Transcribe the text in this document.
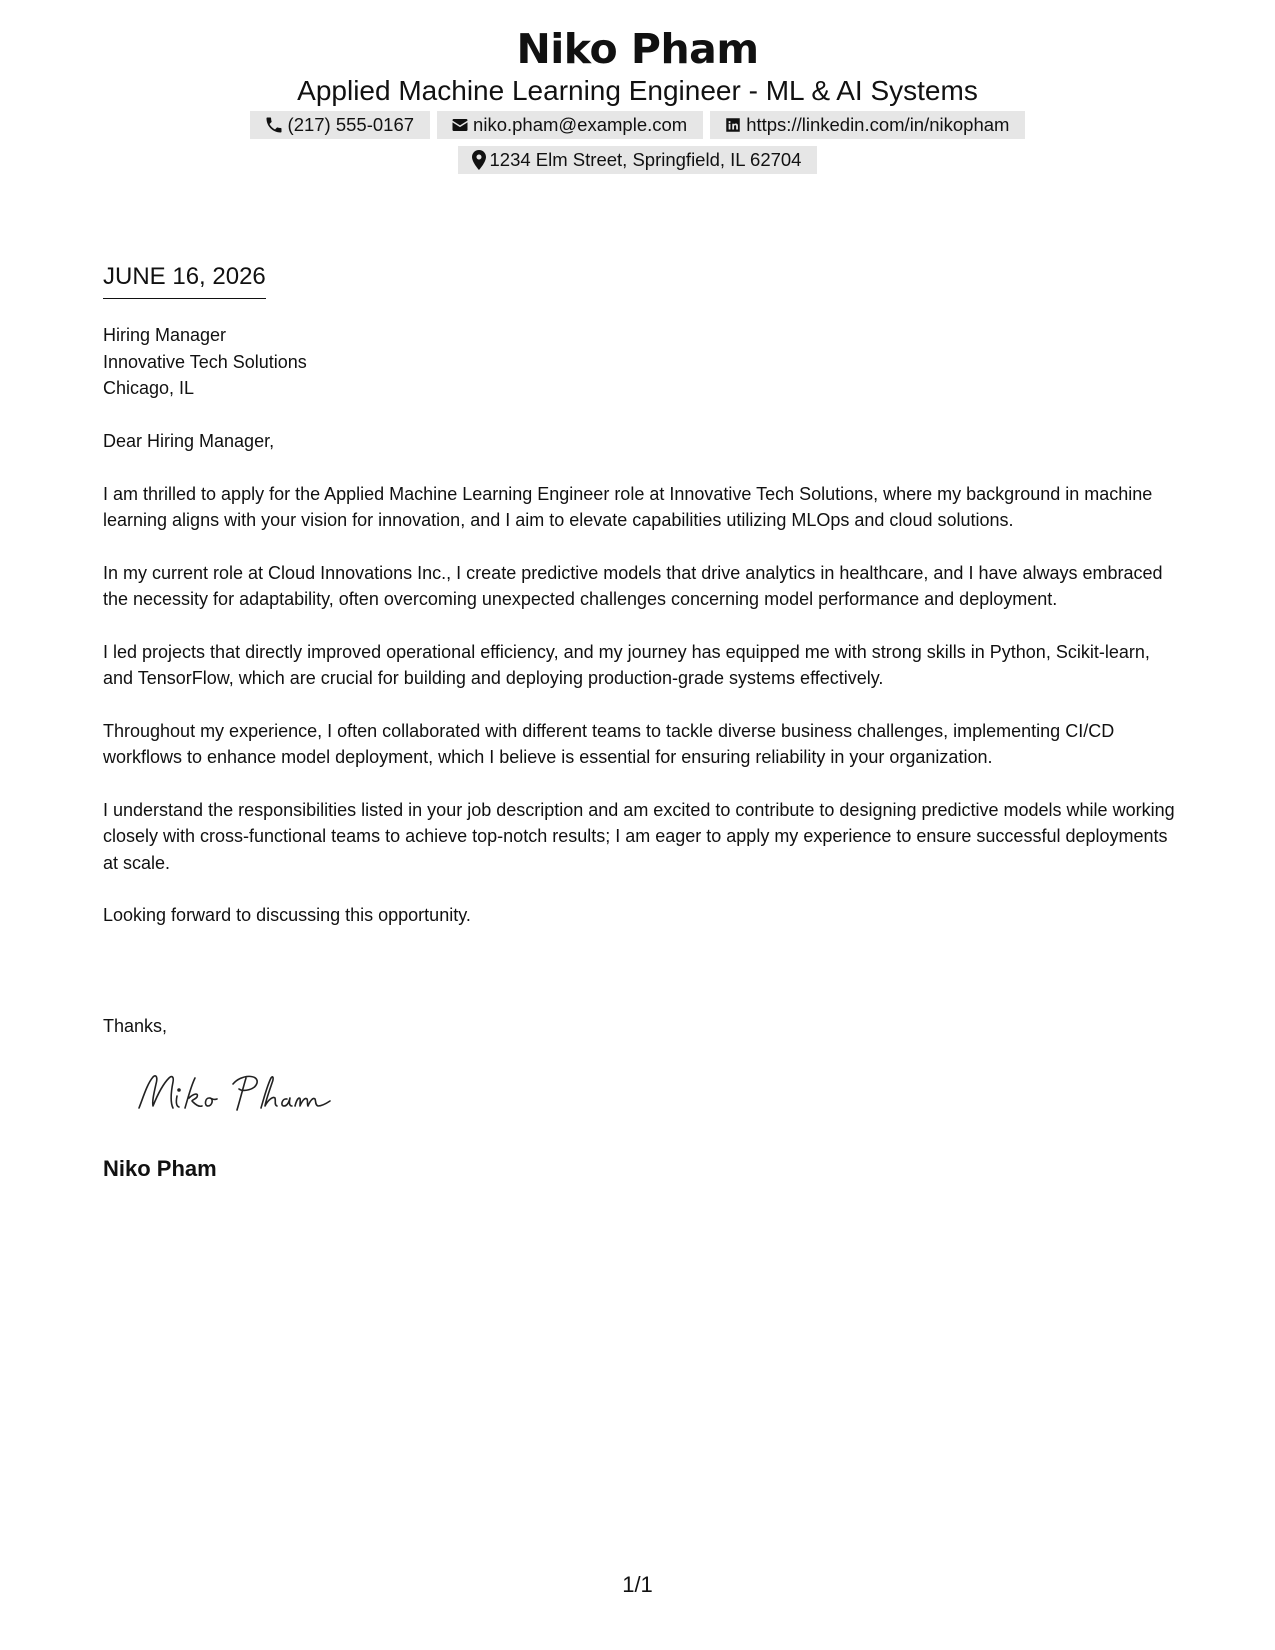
Niko Pham
Applied Machine Learning Engineer - ML & AI Systems
(217) 555-0167	niko.pham@example.com	https://linkedin.com/in/nikopham
1234 Elm Street, Springfield, IL 62704
JUNE 16, 2026
Hiring Manager
Innovative Tech Solutions
Chicago, IL

Dear Hiring Manager,

I am thrilled to apply for the Applied Machine Learning Engineer role at Innovative Tech Solutions, where my background in machine learning aligns with your vision for innovation, and I aim to elevate capabilities utilizing MLOps and cloud solutions.

In my current role at Cloud Innovations Inc., I create predictive models that drive analytics in healthcare, and I have always embraced the necessity for adaptability, often overcoming unexpected challenges concerning model performance and deployment.

I led projects that directly improved operational efficiency, and my journey has equipped me with strong skills in Python, Scikit-learn, and TensorFlow, which are crucial for building and deploying production-grade systems effectively.

Throughout my experience, I often collaborated with different teams to tackle diverse business challenges, implementing CI/CD workflows to enhance model deployment, which I believe is essential for ensuring reliability in your organization.

I understand the responsibilities listed in your job description and am excited to contribute to designing predictive models while working closely with cross-functional teams to achieve top-notch results; I am eager to apply my experience to ensure successful deployments at scale.

Looking forward to discussing this opportunity.

Thanks,
Niko Pham
1/1
